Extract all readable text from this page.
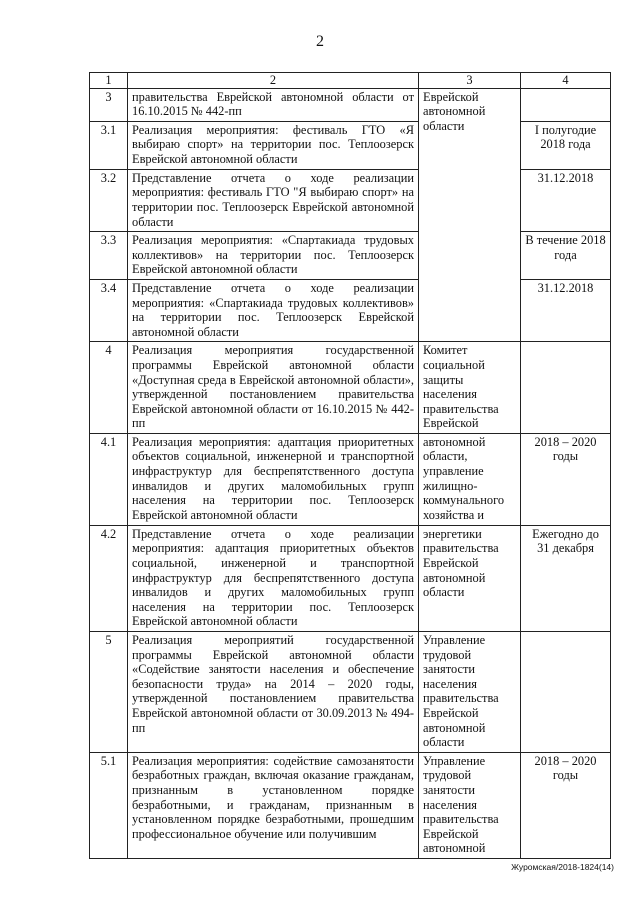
2
1	2	3	4
3	правительства Еврейской автономной области от 16.10.2015 № 442-пп	Еврейской автономной области	
3.1	Реализация мероприятия: фестиваль ГТО «Я выбираю спорт» на территории пос. Теплоозерск Еврейской автономной области		I полугодие 2018 года
3.2	Представление отчета о ходе реализации мероприятия: фестиваль ГТО "Я выбираю спорт» на территории пос. Теплоозерск Еврейской автономной области		31.12.2018
3.3	Реализация мероприятия: «Спартакиада трудовых коллективов» на территории пос. Теплоозерск Еврейской автономной области		В течение 2018 года
3.4	Представление отчета о ходе реализации мероприятия: «Спартакиада трудовых коллективов» на территории пос. Теплоозерск Еврейской автономной области		31.12.2018
4	Реализация мероприятия государственной программы Еврейской автономной области «Доступная среда в Еврейской автономной области», утвержденной постановлением правительства Еврейской автономной области от 16.10.2015 № 442-пп	Комитет социальной защиты населения правительства Еврейской	
4.1	Реализация мероприятия: адаптация приоритетных объектов социальной, инженерной и транспортной инфраструктур для беспрепятственного доступа инвалидов и других маломобильных групп населения на территории пос. Теплоозерск Еврейской автономной области	автономной области, управление жилищно-коммунального хозяйства и	2018 – 2020 годы
4.2	Представление отчета о ходе реализации мероприятия: адаптация приоритетных объектов социальной, инженерной и транспортной инфраструктур для беспрепятственного доступа инвалидов и других маломобильных групп населения на территории пос. Теплоозерск Еврейской автономной области	энергетики правительства Еврейской автономной области	Ежегодно до 31 декабря
5	Реализация мероприятий государственной программы Еврейской автономной области «Содействие занятости населения и обеспечение безопасности труда» на 2014 – 2020 годы, утвержденной постановлением правительства Еврейской автономной области от 30.09.2013 № 494-пп	Управление трудовой занятости населения правительства Еврейской автономной области	
5.1	Реализация мероприятия: содействие самозанятости безработных граждан, включая оказание гражданам, признанным в установленном порядке безработными, и гражданам, признанным в установленном порядке безработными, прошедшим профессиональное обучение или получившим	Управление трудовой занятости населения правительства Еврейской автономной	2018 – 2020 годы
Журомская/2018-1824(14)
